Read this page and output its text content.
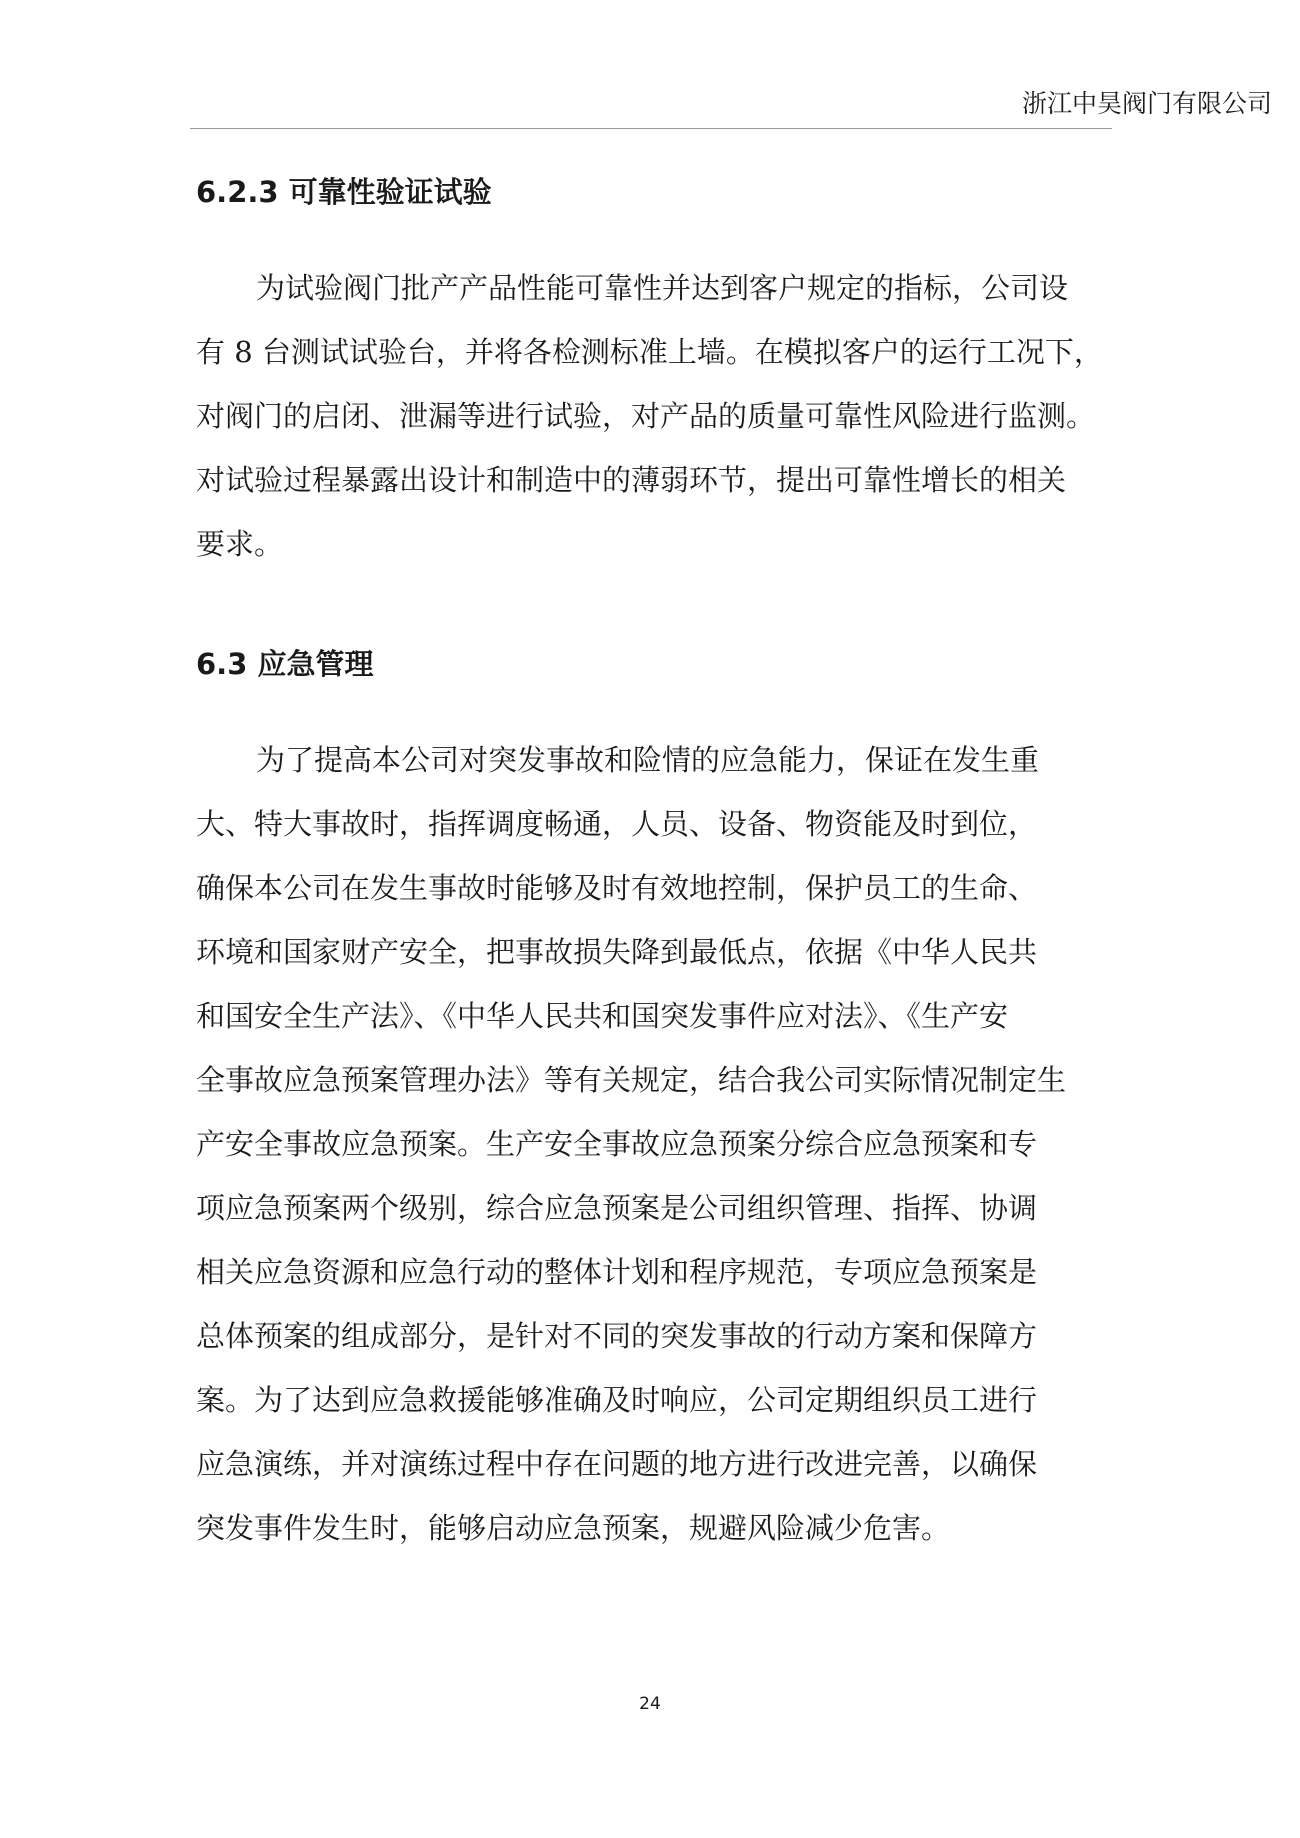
浙江中昊阀门有限公司
6.2.3 可靠性验证试验
为试验阀门批产产品性能可靠性并达到客户规定的指标，公司设
有 8 台测试试验台，并将各检测标准上墙。在模拟客户的运行工况下，
对阀门的启闭、泄漏等进行试验，对产品的质量可靠性风险进行监测。
对试验过程暴露出设计和制造中的薄弱环节，提出可靠性增长的相关
要求。
6.3 应急管理
为了提高本公司对突发事故和险情的应急能力，保证在发生重
大、特大事故时，指挥调度畅通，人员、设备、物资能及时到位，
确保本公司在发生事故时能够及时有效地控制，保护员工的生命、
环境和国家财产安全，把事故损失降到最低点，依据《中华人民共
和国安全生产法》、《中华人民共和国突发事件应对法》、《生产安
全事故应急预案管理办法》等有关规定，结合我公司实际情况制定生
产安全事故应急预案。生产安全事故应急预案分综合应急预案和专
项应急预案两个级别，综合应急预案是公司组织管理、指挥、协调
相关应急资源和应急行动的整体计划和程序规范，专项应急预案是
总体预案的组成部分，是针对不同的突发事故的行动方案和保障方
案。为了达到应急救援能够准确及时响应，公司定期组织员工进行
应急演练，并对演练过程中存在问题的地方进行改进完善，以确保
突发事件发生时，能够启动应急预案，规避风险减少危害。
24
